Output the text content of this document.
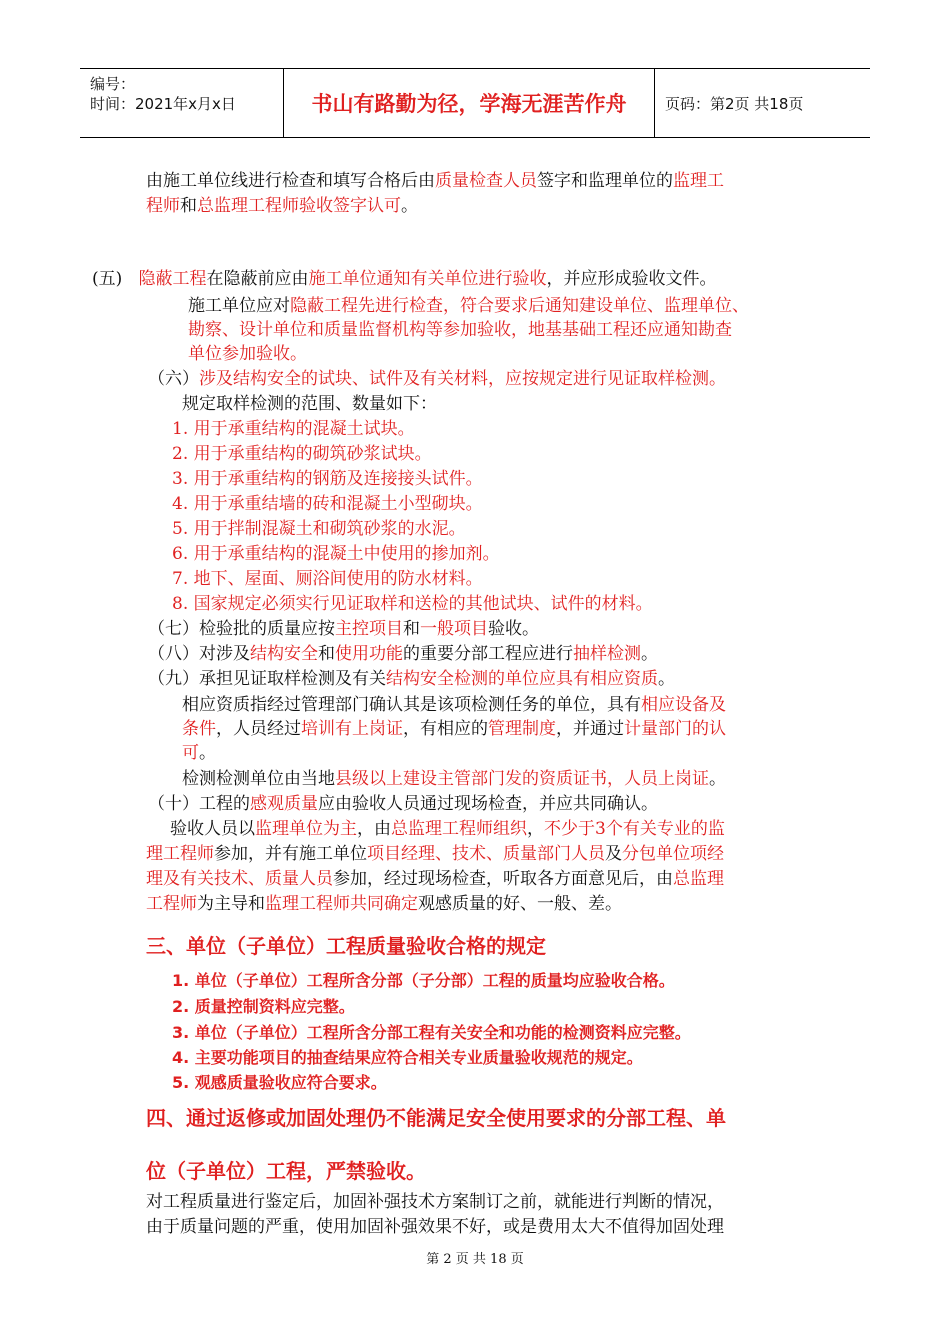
编号：
时间：2021年x月x日	书山有路勤为径，学海无涯苦作舟	页码：第2页 共18页
由施工单位线进行检查和填写合格后由质量检查人员签字和监理单位的监理工
程师和总监理工程师验收签字认可。
(五) 隐蔽工程在隐蔽前应由施工单位通知有关单位进行验收，并应形成验收文件。
施工单位应对隐蔽工程先进行检查，符合要求后通知建设单位、监理单位、
勘察、设计单位和质量监督机构等参加验收，地基基础工程还应通知勘查
单位参加验收。
（六）涉及结构安全的试块、试件及有关材料，应按规定进行见证取样检测。
规定取样检测的范围、数量如下：
1. 用于承重结构的混凝土试块。
2. 用于承重结构的砌筑砂浆试块。
3. 用于承重结构的钢筋及连接接头试件。
4. 用于承重结墙的砖和混凝土小型砌块。
5. 用于拌制混凝土和砌筑砂浆的水泥。
6. 用于承重结构的混凝土中使用的掺加剂。
7. 地下、屋面、厕浴间使用的防水材料。
8. 国家规定必须实行见证取样和送检的其他试块、试件的材料。
（七）检验批的质量应按主控项目和一般项目验收。
（八）对涉及结构安全和使用功能的重要分部工程应进行抽样检测。
（九）承担见证取样检测及有关结构安全检测的单位应具有相应资质。
相应资质指经过管理部门确认其是该项检测任务的单位，具有相应设备及
条件，人员经过培训有上岗证，有相应的管理制度，并通过计量部门的认
可。
检测检测单位由当地县级以上建设主管部门发的资质证书，人员上岗证。
（十）工程的感观质量应由验收人员通过现场检查，并应共同确认。
验收人员以监理单位为主，由总监理工程师组织，不少于3个有关专业的监
理工程师参加，并有施工单位项目经理、技术、质量部门人员及分包单位项经
理及有关技术、质量人员参加，经过现场检查，听取各方面意见后，由总监理
工程师为主导和监理工程师共同确定观感质量的好、一般、差。
三、单位（子单位）工程质量验收合格的规定
1. 单位（子单位）工程所含分部（子分部）工程的质量均应验收合格。
2. 质量控制资料应完整。
3. 单位（子单位）工程所含分部工程有关安全和功能的检测资料应完整。
4. 主要功能项目的抽查结果应符合相关专业质量验收规范的规定。
5. 观感质量验收应符合要求。
四、通过返修或加固处理仍不能满足安全使用要求的分部工程、单
位（子单位）工程，严禁验收。
对工程质量进行鉴定后，加固补强技术方案制订之前，就能进行判断的情况，
由于质量问题的严重，使用加固补强效果不好，或是费用太大不值得加固处理
第 2 页 共 18 页
